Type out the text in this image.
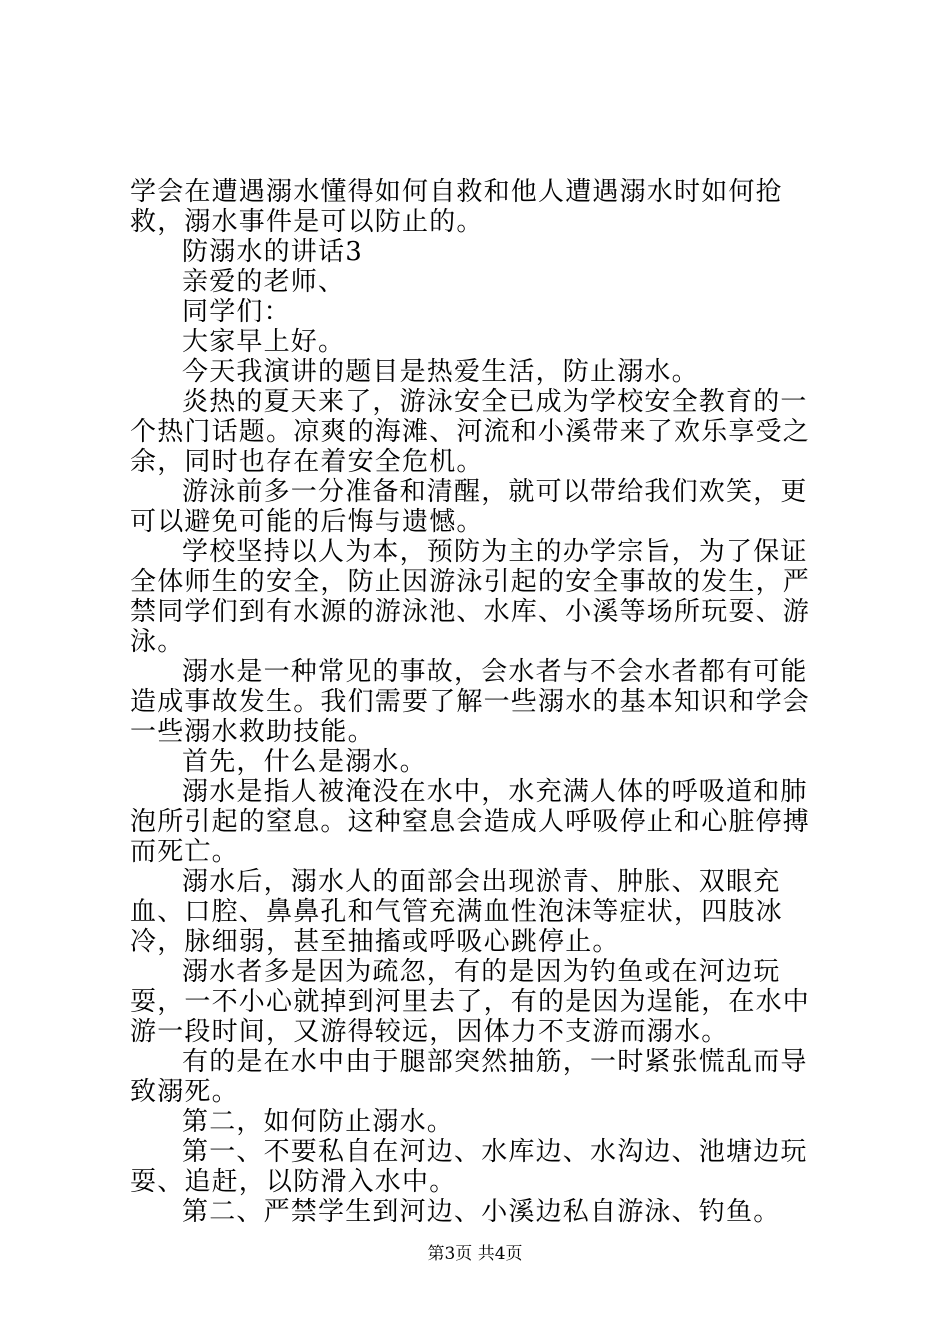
学会在遭遇溺水懂得如何自救和他人遭遇溺水时如何抢救，溺水事件是可以防止的。

防溺水的讲话3

亲爱的老师、

同学们：

大家早上好。

今天我演讲的题目是热爱生活，防止溺水。

炎热的夏天来了，游泳安全已成为学校安全教育的一个热门话题。凉爽的海滩、河流和小溪带来了欢乐享受之余，同时也存在着安全危机。

游泳前多一分准备和清醒，就可以带给我们欢笑，更可以避免可能的后悔与遗憾。

学校坚持以人为本，预防为主的办学宗旨，为了保证全体师生的安全，防止因游泳引起的安全事故的发生，严禁同学们到有水源的游泳池、水库、小溪等场所玩耍、游泳。

溺水是一种常见的事故，会水者与不会水者都有可能造成事故发生。我们需要了解一些溺水的基本知识和学会一些溺水救助技能。

首先，什么是溺水。

溺水是指人被淹没在水中，水充满人体的呼吸道和肺泡所引起的窒息。这种窒息会造成人呼吸停止和心脏停搏而死亡。

溺水后，溺水人的面部会出现淤青、肿胀、双眼充血、口腔、鼻鼻孔和气管充满血性泡沫等症状，四肢冰冷，脉细弱，甚至抽搐或呼吸心跳停止。

溺水者多是因为疏忽，有的是因为钓鱼或在河边玩耍，一不小心就掉到河里去了，有的是因为逞能，在水中游一段时间，又游得较远，因体力不支游而溺水。

有的是在水中由于腿部突然抽筋，一时紧张慌乱而导致溺死。

第二，如何防止溺水。

第一、不要私自在河边、水库边、水沟边、池塘边玩耍、追赶，以防滑入水中。

第二、严禁学生到河边、小溪边私自游泳、钓鱼。

第3页 共4页
